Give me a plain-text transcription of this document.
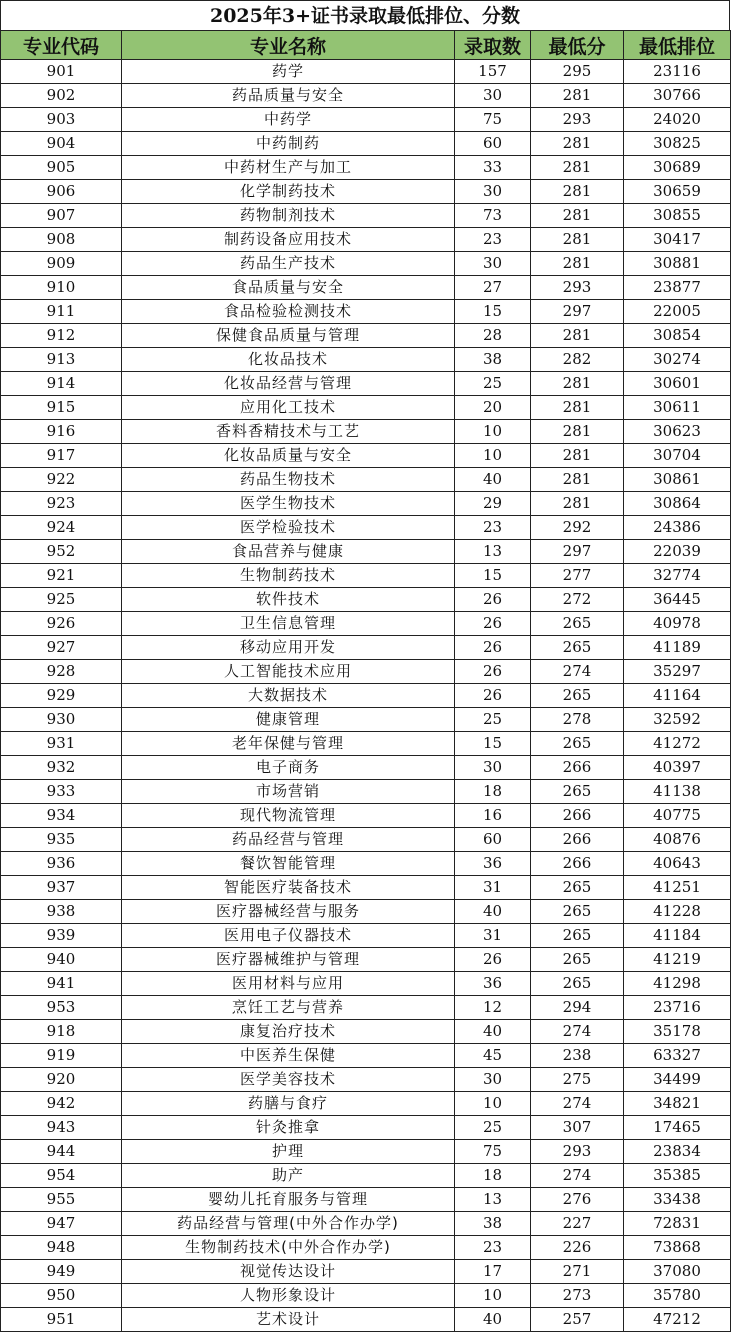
2025年3+证书录取最低排位、分数
专业代码	专业名称	录取数	最低分	最低排位
901	药学	157	295	23116
902	药品质量与安全	30	281	30766
903	中药学	75	293	24020
904	中药制药	60	281	30825
905	中药材生产与加工	33	281	30689
906	化学制药技术	30	281	30659
907	药物制剂技术	73	281	30855
908	制药设备应用技术	23	281	30417
909	药品生产技术	30	281	30881
910	食品质量与安全	27	293	23877
911	食品检验检测技术	15	297	22005
912	保健食品质量与管理	28	281	30854
913	化妆品技术	38	282	30274
914	化妆品经营与管理	25	281	30601
915	应用化工技术	20	281	30611
916	香料香精技术与工艺	10	281	30623
917	化妆品质量与安全	10	281	30704
922	药品生物技术	40	281	30861
923	医学生物技术	29	281	30864
924	医学检验技术	23	292	24386
952	食品营养与健康	13	297	22039
921	生物制药技术	15	277	32774
925	软件技术	26	272	36445
926	卫生信息管理	26	265	40978
927	移动应用开发	26	265	41189
928	人工智能技术应用	26	274	35297
929	大数据技术	26	265	41164
930	健康管理	25	278	32592
931	老年保健与管理	15	265	41272
932	电子商务	30	266	40397
933	市场营销	18	265	41138
934	现代物流管理	16	266	40775
935	药品经营与管理	60	266	40876
936	餐饮智能管理	36	266	40643
937	智能医疗装备技术	31	265	41251
938	医疗器械经营与服务	40	265	41228
939	医用电子仪器技术	31	265	41184
940	医疗器械维护与管理	26	265	41219
941	医用材料与应用	36	265	41298
953	烹饪工艺与营养	12	294	23716
918	康复治疗技术	40	274	35178
919	中医养生保健	45	238	63327
920	医学美容技术	30	275	34499
942	药膳与食疗	10	274	34821
943	针灸推拿	25	307	17465
944	护理	75	293	23834
954	助产	18	274	35385
955	婴幼儿托育服务与管理	13	276	33438
947	药品经营与管理(中外合作办学)	38	227	72831
948	生物制药技术(中外合作办学)	23	226	73868
949	视觉传达设计	17	271	37080
950	人物形象设计	10	273	35780
951	艺术设计	40	257	47212
